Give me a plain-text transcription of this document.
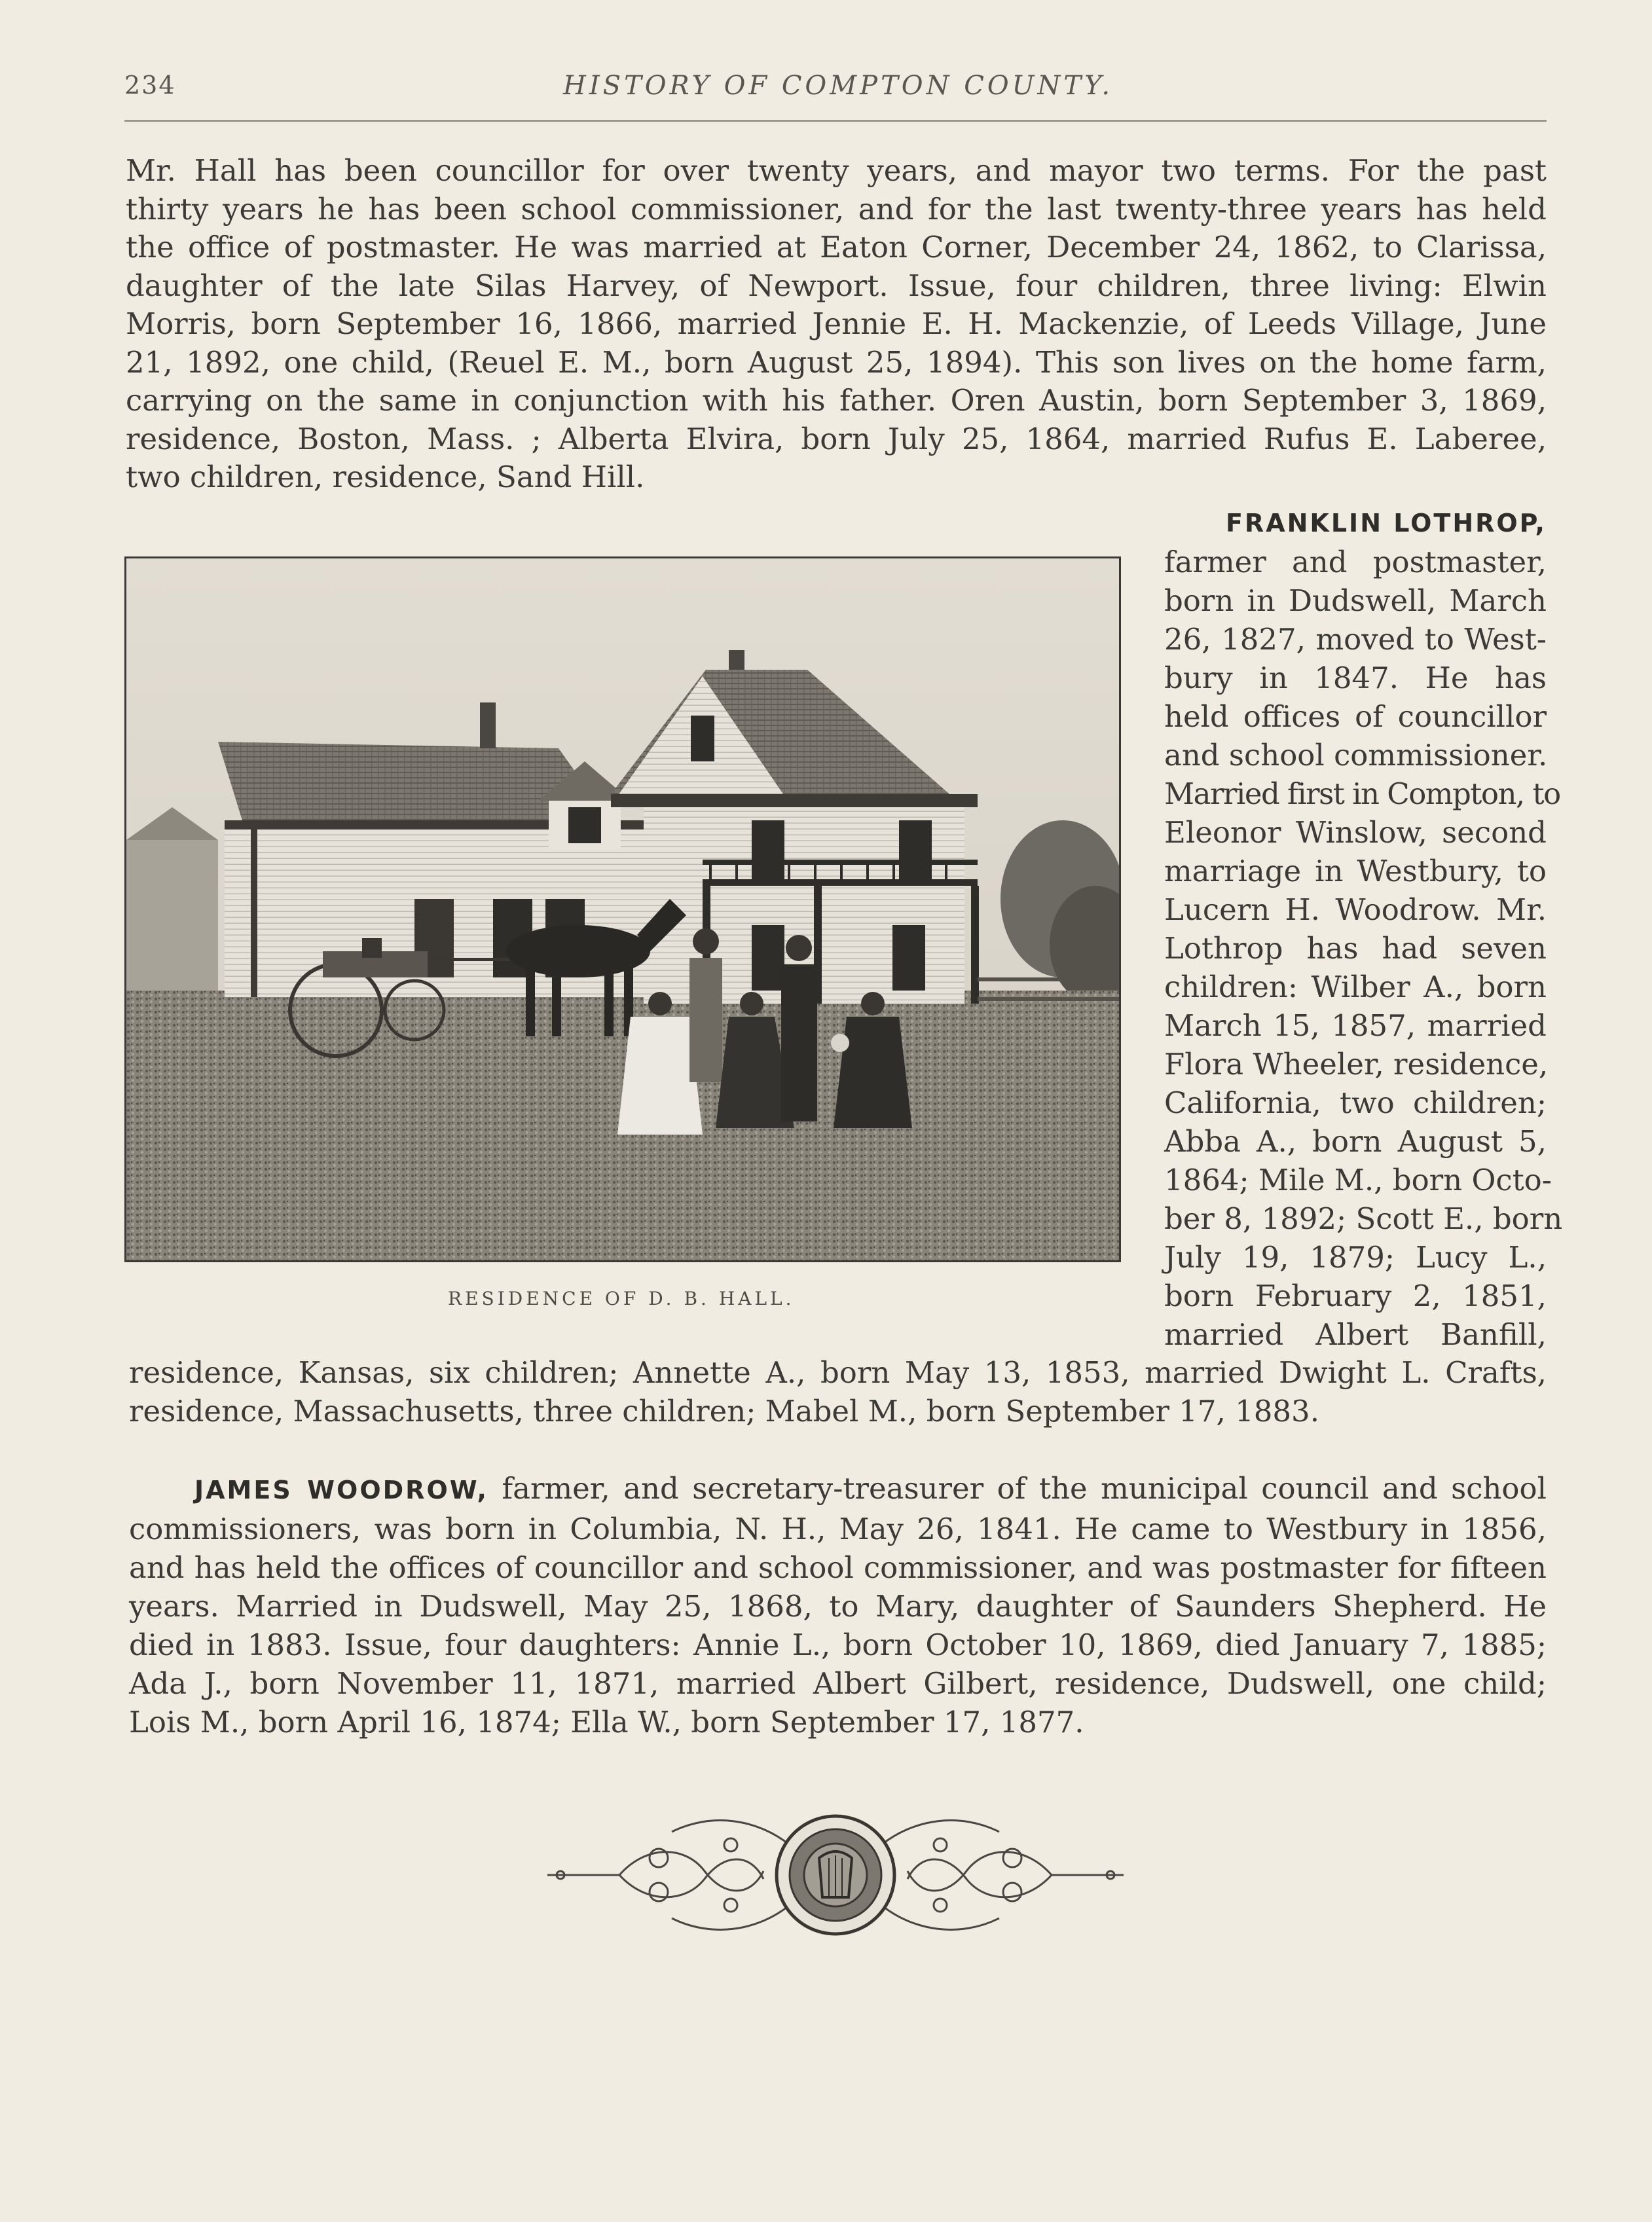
234	HISTORY OF COMPTON COUNTY.
Mr. Hall has been councillor for over twenty years, and mayor two terms. For the past
thirty years he has been school commissioner, and for the last twenty-three years has held
the office of postmaster. He was married at Eaton Corner, December 24, 1862, to Clarissa,
daughter of the late Silas Harvey, of Newport. Issue, four children, three living: Elwin
Morris, born September 16, 1866, married Jennie E. H. Mackenzie, of Leeds Village, June
21, 1892, one child, (Reuel E. M., born August 25, 1894). This son lives on the home farm,
carrying on the same in conjunction with his father. Oren Austin, born September 3, 1869,
residence, Boston, Mass. ; Alberta Elvira, born July 25, 1864, married Rufus E. Laberee,
two children, residence, Sand Hill.
FRANKLIN LOTHROP,
farmer and postmaster,
born in Dudswell, March
26, 1827, moved to West-
bury in 1847. He has
held offices of councillor
and school commissioner.
Married first in Compton, to
Eleonor Winslow, second
marriage in Westbury, to
Lucern H. Woodrow. Mr.
Lothrop has had seven
children: Wilber A., born
March 15, 1857, married
Flora Wheeler, residence,
California, two children;
Abba A., born August 5,
1864; Mile M., born Octo-
ber 8, 1892; Scott E., born
July 19, 1879; Lucy L.,
born February 2, 1851,
married Albert Banfill,
RESIDENCE OF D. B. HALL.
residence, Kansas, six children; Annette A., born May 13, 1853, married Dwight L. Crafts,
residence, Massachusetts, three children; Mabel M., born September 17, 1883.
JAMES WOODROW, farmer, and secretary-treasurer of the municipal council and school
commissioners, was born in Columbia, N. H., May 26, 1841. He came to Westbury in 1856,
and has held the offices of councillor and school commissioner, and was postmaster for fifteen
years. Married in Dudswell, May 25, 1868, to Mary, daughter of Saunders Shepherd. He
died in 1883. Issue, four daughters: Annie L., born October 10, 1869, died January 7, 1885;
Ada J., born November 11, 1871, married Albert Gilbert, residence, Dudswell, one child;
Lois M., born April 16, 1874; Ella W., born September 17, 1877.
